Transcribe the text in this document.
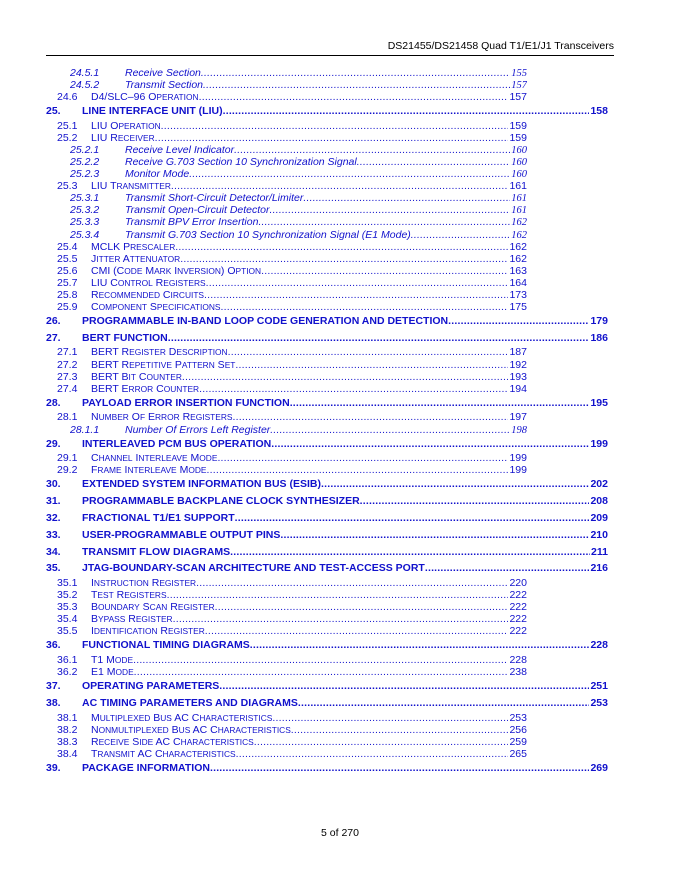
DS21455/DS21458 Quad T1/E1/J1 Transceivers
24.5.1	Receive Section .....	155
24.5.2	Transmit Section .....	157
24.6	D4/SLC–96 OPERATION .....	157
25.	LINE INTERFACE UNIT (LIU) .....	158
25.1	LIU OPERATION .....	159
25.2	LIU RECEIVER .....	159
25.2.1	Receive Level Indicator .....	160
25.2.2	Receive G.703 Section 10 Synchronization Signal .....	160
25.2.3	Monitor Mode .....	160
25.3	LIU TRANSMITTER .....	161
25.3.1	Transmit Short-Circuit Detector/Limiter .....	161
25.3.2	Transmit Open-Circuit Detector .....	161
25.3.3	Transmit BPV Error Insertion .....	162
25.3.4	Transmit G.703 Section 10 Synchronization Signal (E1 Mode) .....	162
25.4	MCLK PRESCALER .....	162
25.5	JITTER ATTENUATOR .....	162
25.6	CMI (CODE MARK INVERSION) OPTION .....	163
25.7	LIU CONTROL REGISTERS .....	164
25.8	RECOMMENDED CIRCUITS .....	173
25.9	COMPONENT SPECIFICATIONS .....	175
26.	PROGRAMMABLE IN-BAND LOOP CODE GENERATION AND DETECTION .....	179
27.	BERT FUNCTION .....	186
27.1	BERT REGISTER DESCRIPTION .....	187
27.2	BERT REPETITIVE PATTERN SET .....	192
27.3	BERT BIT COUNTER .....	193
27.4	BERT ERROR COUNTER .....	194
28.	PAYLOAD ERROR INSERTION FUNCTION .....	195
28.1	NUMBER OF ERROR REGISTERS .....	197
28.1.1	Number Of Errors Left Register .....	198
29.	INTERLEAVED PCM BUS OPERATION .....	199
29.1	CHANNEL INTERLEAVE MODE .....	199
29.2	FRAME INTERLEAVE MODE .....	199
30.	EXTENDED SYSTEM INFORMATION BUS (ESIB) .....	202
31.	PROGRAMMABLE BACKPLANE CLOCK SYNTHESIZER .....	208
32.	FRACTIONAL T1/E1 SUPPORT .....	209
33.	USER-PROGRAMMABLE OUTPUT PINS .....	210
34.	TRANSMIT FLOW DIAGRAMS .....	211
35.	JTAG-BOUNDARY-SCAN ARCHITECTURE AND TEST-ACCESS PORT .....	216
35.1	INSTRUCTION REGISTER .....	220
35.2	TEST REGISTERS .....	222
35.3	BOUNDARY SCAN REGISTER .....	222
35.4	BYPASS REGISTER .....	222
35.5	IDENTIFICATION REGISTER .....	222
36.	FUNCTIONAL TIMING DIAGRAMS .....	228
36.1	T1 MODE .....	228
36.2	E1 MODE .....	238
37.	OPERATING PARAMETERS .....	251
38.	AC TIMING PARAMETERS AND DIAGRAMS .....	253
38.1	MULTIPLEXED BUS AC CHARACTERISTICS .....	253
38.2	NONMULTIPLEXED BUS AC CHARACTERISTICS .....	256
38.3	RECEIVE SIDE AC CHARACTERISTICS .....	259
38.4	TRANSMIT AC CHARACTERISTICS .....	265
39.	PACKAGE INFORMATION .....	269
5 of 270
